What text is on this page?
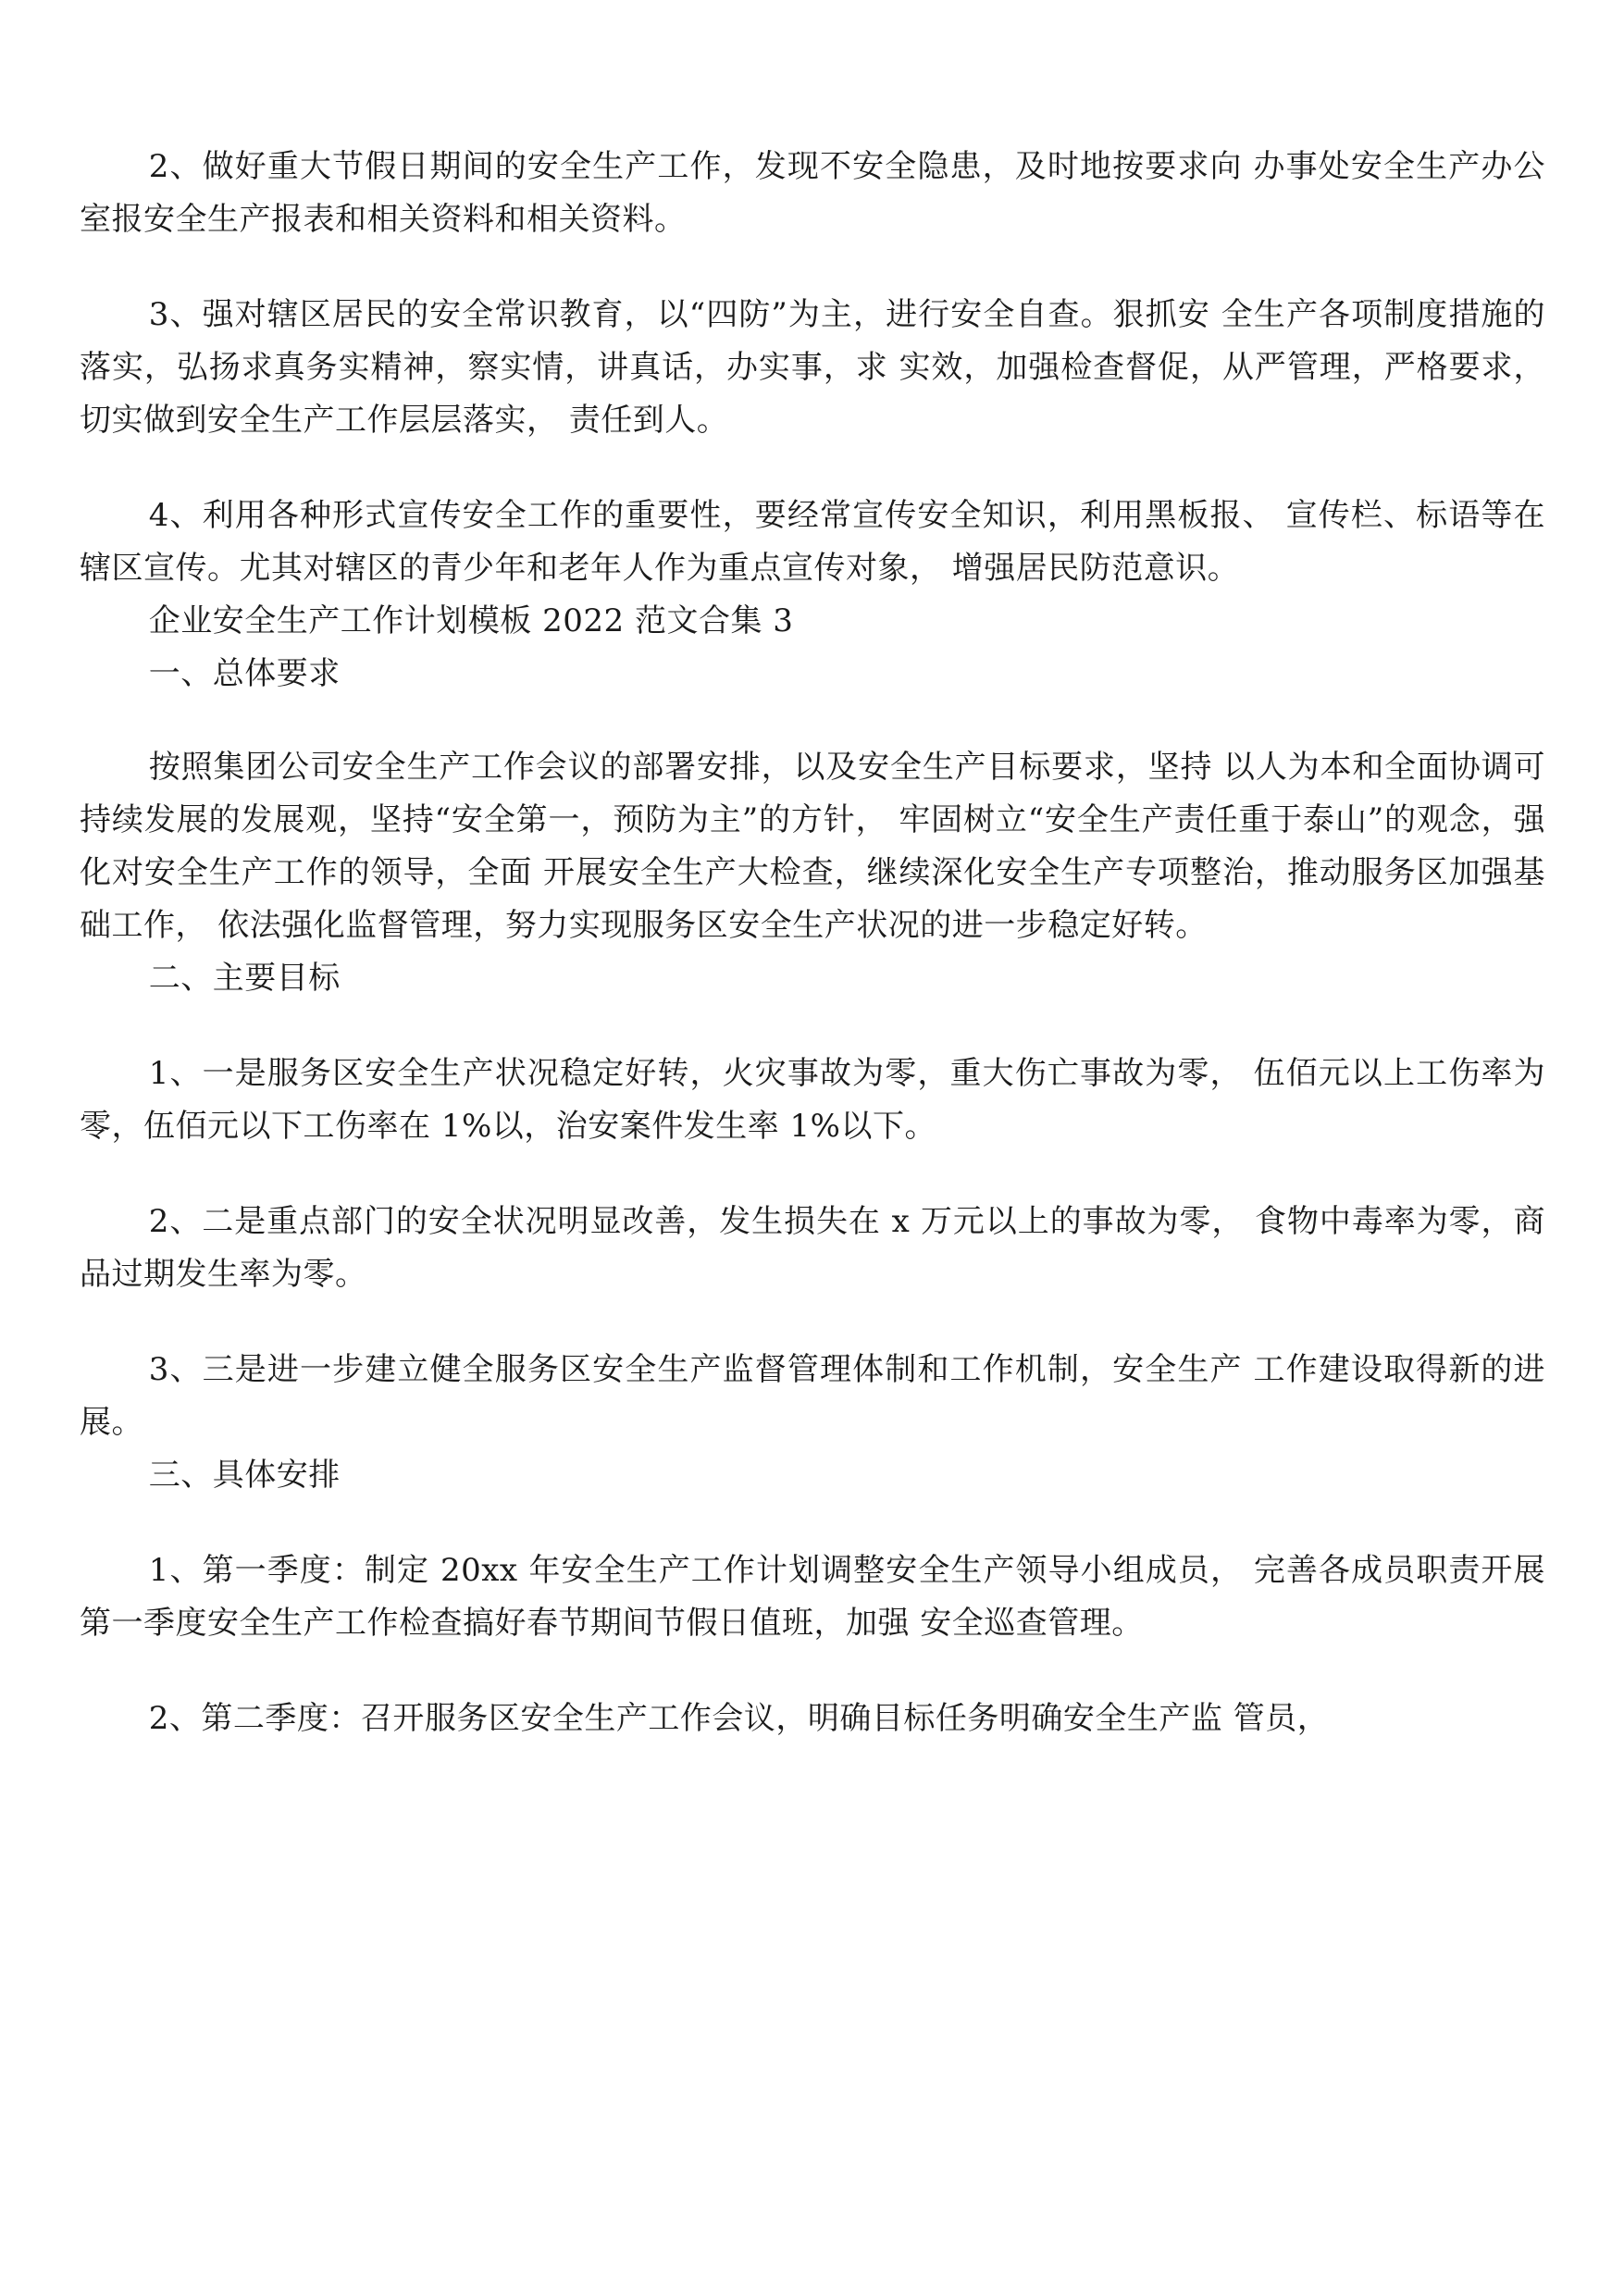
2、做好重大节假日期间的安全生产工作，发现不安全隐患，及时地按要求向 办事处安全生产办公室报安全生产报表和相关资料和相关资料。

3、强对辖区居民的安全常识教育，以“四防”为主，进行安全自查。狠抓安 全生产各项制度措施的落实，弘扬求真务实精神，察实情，讲真话，办实事，求 实效，加强检查督促，从严管理，严格要求，切实做到安全生产工作层层落实， 责任到人。

4、利用各种形式宣传安全工作的重要性，要经常宣传安全知识，利用黑板报、 宣传栏、标语等在辖区宣传。尤其对辖区的青少年和老年人作为重点宣传对象， 增强居民防范意识。

企业安全生产工作计划模板 2022 范文合集 3

一、总体要求

按照集团公司安全生产工作会议的部署安排，以及安全生产目标要求，坚持 以人为本和全面协调可持续发展的发展观，坚持“安全第一，预防为主”的方针， 牢固树立“安全生产责任重于泰山”的观念，强化对安全生产工作的领导，全面 开展安全生产大检查，继续深化安全生产专项整治，推动服务区加强基础工作， 依法强化监督管理，努力实现服务区安全生产状况的进一步稳定好转。

二、主要目标

1、一是服务区安全生产状况稳定好转，火灾事故为零，重大伤亡事故为零， 伍佰元以上工伤率为零，伍佰元以下工伤率在 1%以，治安案件发生率 1%以下。

2、二是重点部门的安全状况明显改善，发生损失在 x 万元以上的事故为零， 食物中毒率为零，商品过期发生率为零。

3、三是进一步建立健全服务区安全生产监督管理体制和工作机制，安全生产 工作建设取得新的进展。

三、具体安排

1、第一季度：制定 20xx 年安全生产工作计划调整安全生产领导小组成员， 完善各成员职责开展第一季度安全生产工作检查搞好春节期间节假日值班，加强 安全巡查管理。

2、第二季度：召开服务区安全生产工作会议，明确目标任务明确安全生产监 管员，
